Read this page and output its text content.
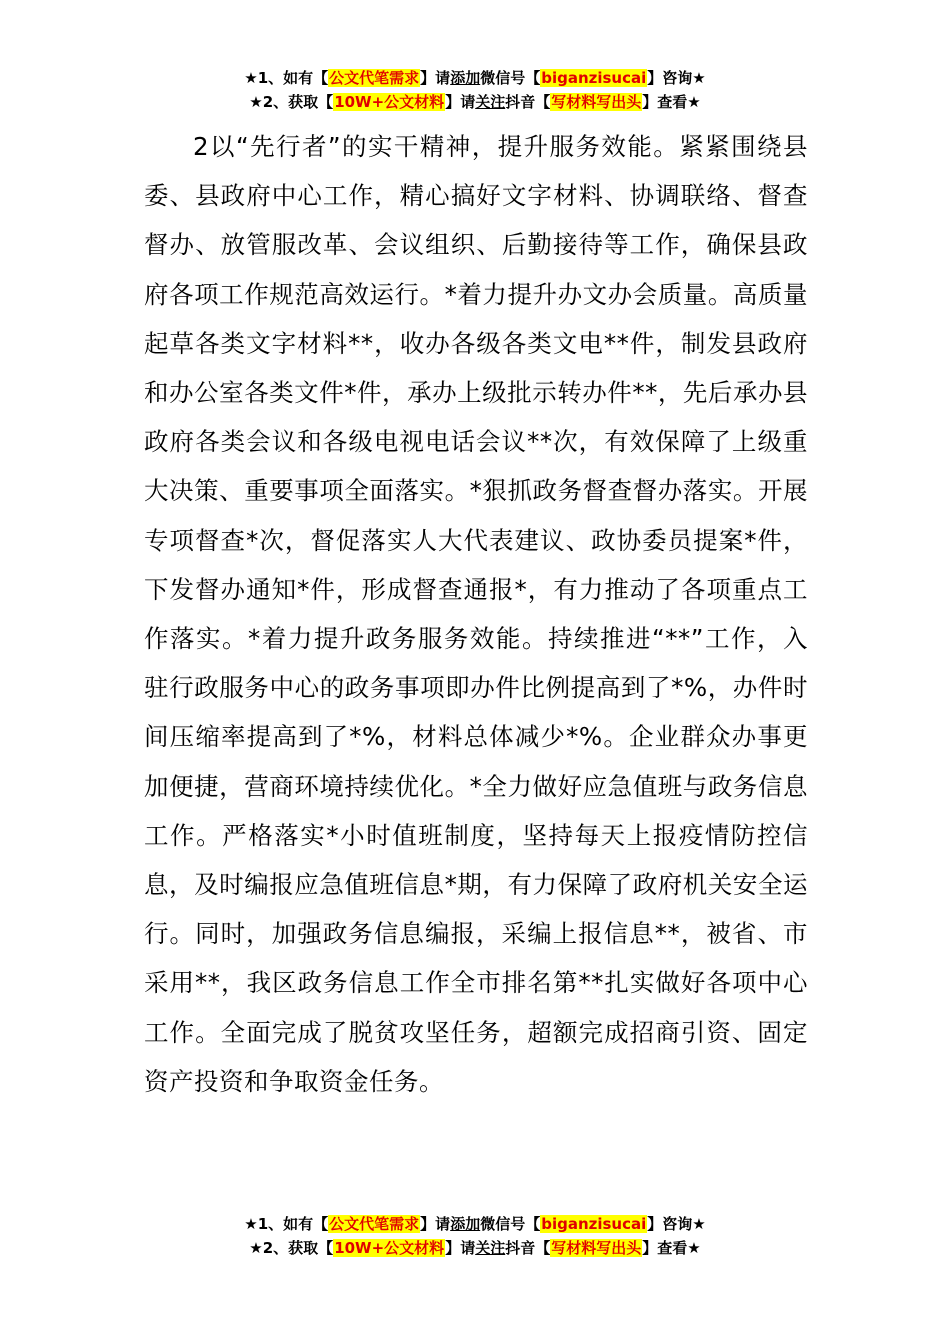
★1、如有【公文代笔需求】请添加微信号【biganzisucai】咨询★
★2、获取【10W+公文材料】请关注抖音【写材料写出头】查看★

2以“先行者”的实干精神，提升服务效能。紧紧围绕县委、县政府中心工作，精心搞好文字材料、协调联络、督查督办、放管服改革、会议组织、后勤接待等工作，确保县政府各项工作规范高效运行。*着力提升办文办会质量。高质量起草各类文字材料**，收办各级各类文电**件，制发县政府和办公室各类文件*件，承办上级批示转办件**，先后承办县政府各类会议和各级电视电话会议**次，有效保障了上级重大决策、重要事项全面落实。*狠抓政务督查督办落实。开展专项督查*次，督促落实人大代表建议、政协委员提案*件，下发督办通知*件，形成督查通报*，有力推动了各项重点工作落实。*着力提升政务服务效能。持续推进“**”工作，入驻行政服务中心的政务事项即办件比例提高到了*%，办件时间压缩率提高到了*%，材料总体减少*%。企业群众办事更加便捷，营商环境持续优化。*全力做好应急值班与政务信息工作。严格落实*小时值班制度，坚持每天上报疫情防控信息，及时编报应急值班信息*期，有力保障了政府机关安全运行。同时，加强政务信息编报，采编上报信息**，被省、市采用**，我区政务信息工作全市排名第**扎实做好各项中心工作。全面完成了脱贫攻坚任务，超额完成招商引资、固定资产投资和争取资金任务。

★1、如有【公文代笔需求】请添加微信号【biganzisucai】咨询★
★2、获取【10W+公文材料】请关注抖音【写材料写出头】查看★
